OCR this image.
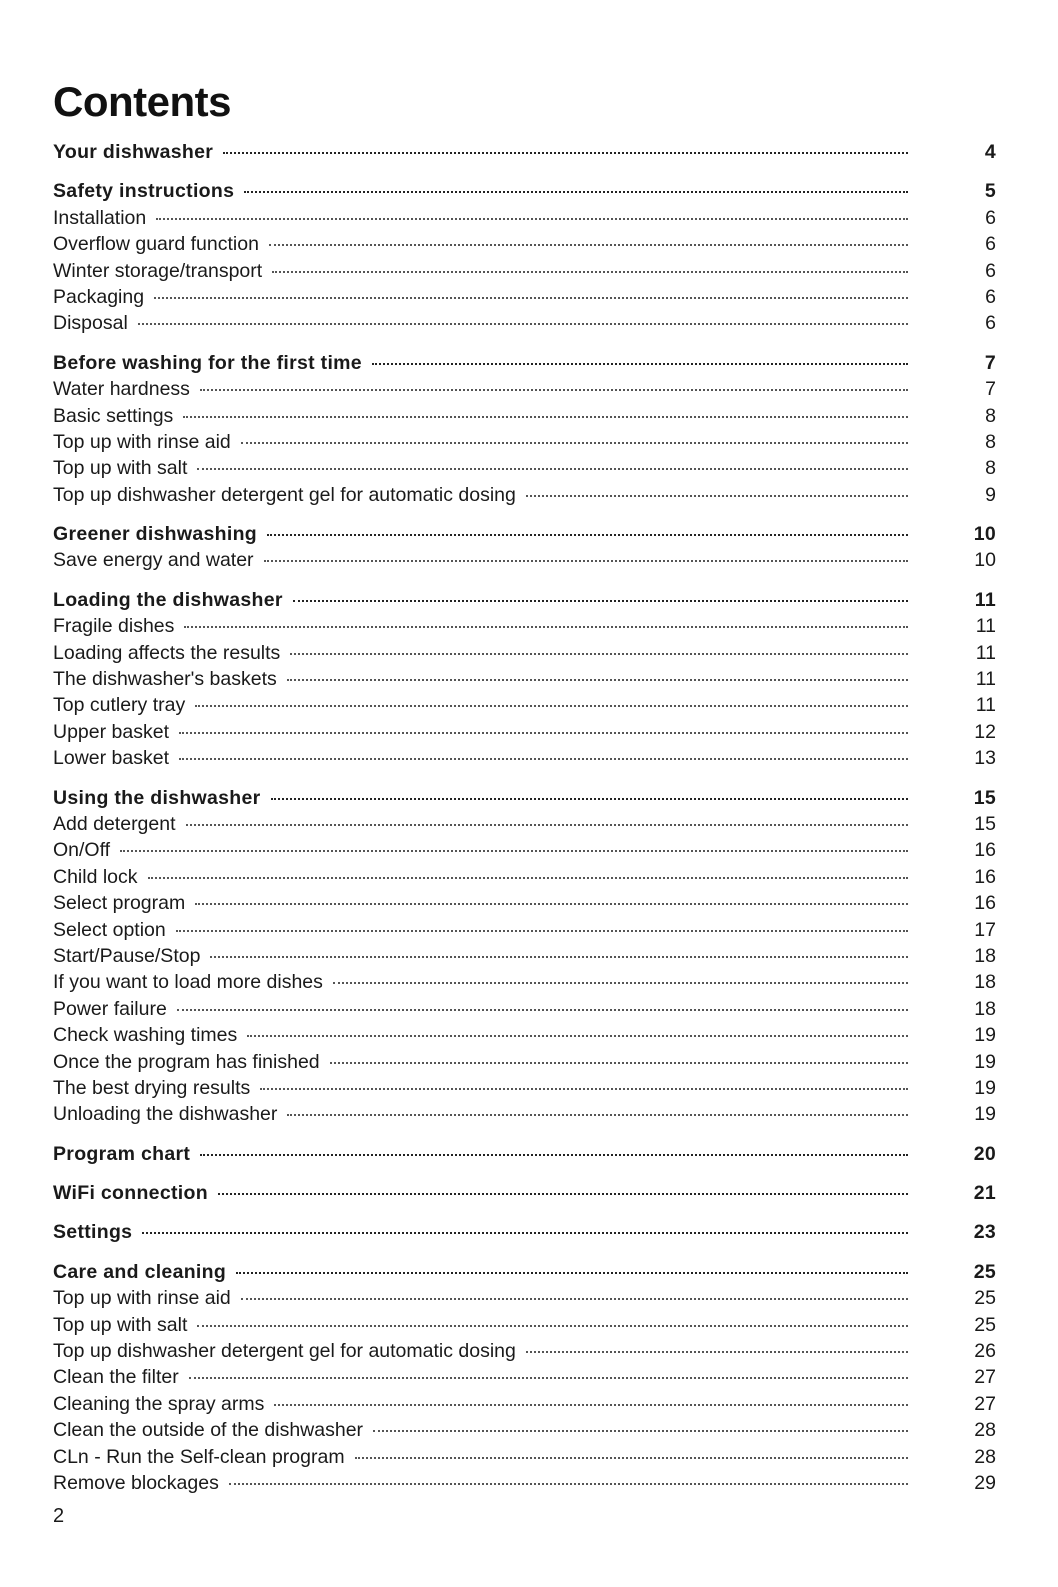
Contents
Your dishwasher	4
Safety instructions	5
Installation	6
Overflow guard function	6
Winter storage/transport	6
Packaging	6
Disposal	6
Before washing for the first time	7
Water hardness	7
Basic settings	8
Top up with rinse aid	8
Top up with salt	8
Top up dishwasher detergent gel for automatic dosing	9
Greener dishwashing	10
Save energy and water	10
Loading the dishwasher	11
Fragile dishes	11
Loading affects the results	11
The dishwasher's baskets	11
Top cutlery tray	11
Upper basket	12
Lower basket	13
Using the dishwasher	15
Add detergent	15
On/Off	16
Child lock	16
Select program	16
Select option	17
Start/Pause/Stop	18
If you want to load more dishes	18
Power failure	18
Check washing times	19
Once the program has finished	19
The best drying results	19
Unloading the dishwasher	19
Program chart	20
WiFi connection	21
Settings	23
Care and cleaning	25
Top up with rinse aid	25
Top up with salt	25
Top up dishwasher detergent gel for automatic dosing	26
Clean the filter	27
Cleaning the spray arms	27
Clean the outside of the dishwasher	28
CLn - Run the Self-clean program	28
Remove blockages	29
2
